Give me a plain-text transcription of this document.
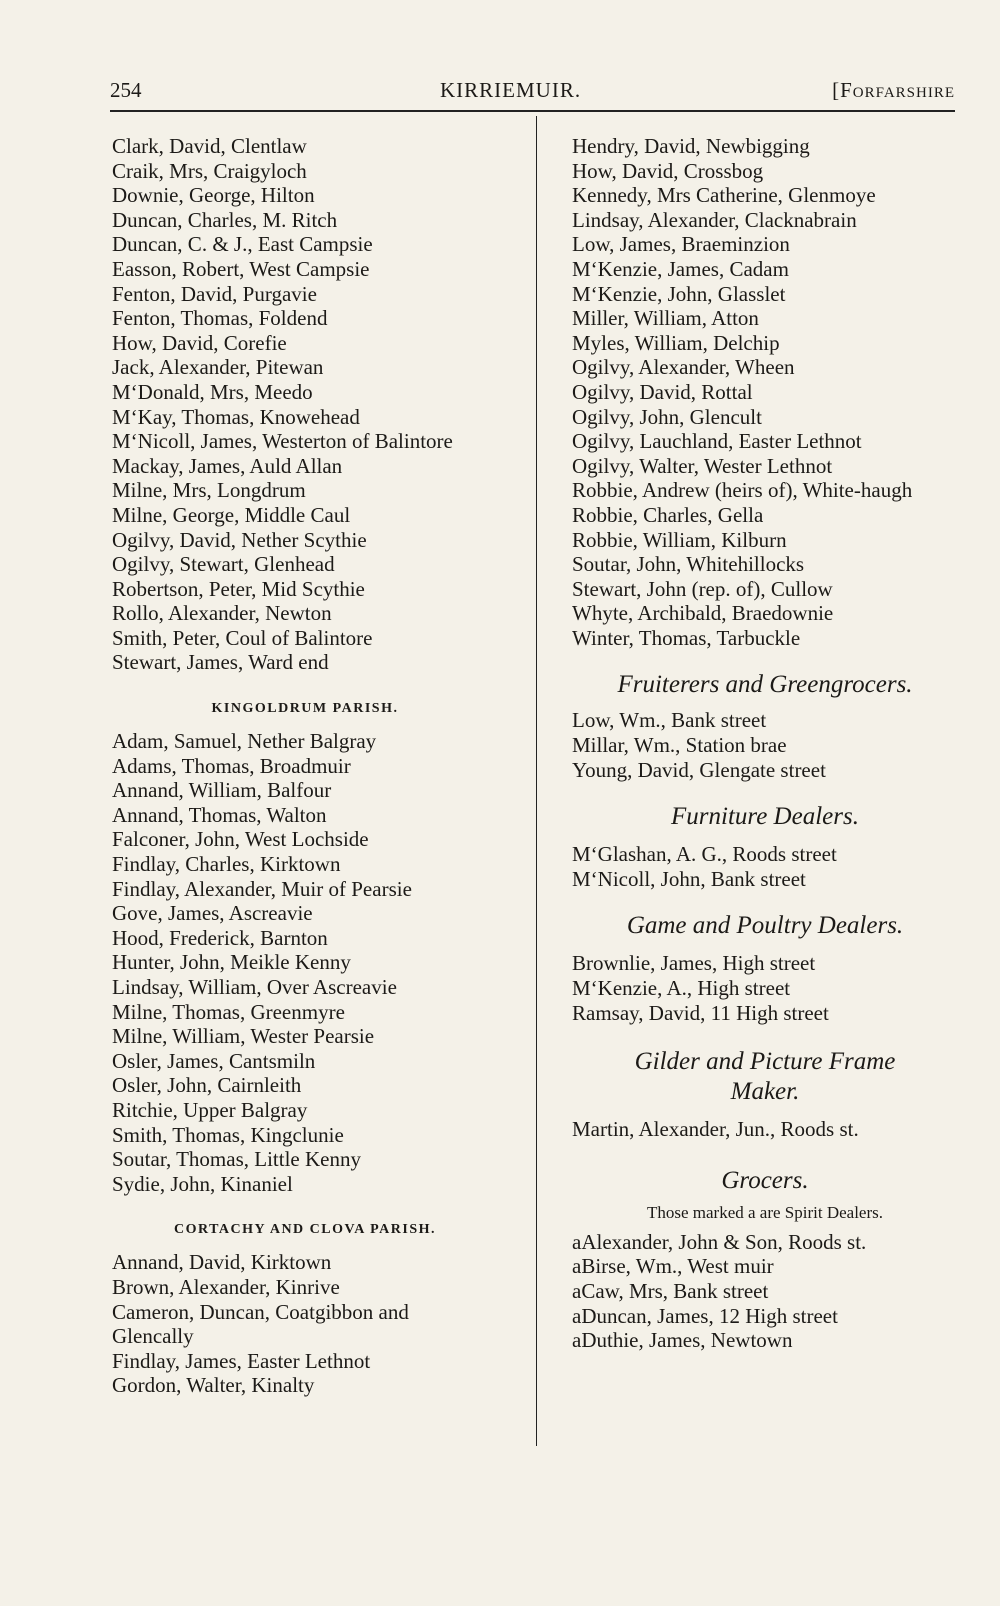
254	KIRRIEMUIR.	[Forfarshire

Clark, David, Clentlaw

Craik, Mrs, Craigyloch

Downie, George, Hilton

Duncan, Charles, M. Ritch

Duncan, C. & J., East Campsie

Easson, Robert, West Campsie

Fenton, David, Purgavie

Fenton, Thomas, Foldend

How, David, Corefie

Jack, Alexander, Pitewan

M‘Donald, Mrs, Meedo

M‘Kay, Thomas, Knowehead

M‘Nicoll, James, Westerton of Balintore

Mackay, James, Auld Allan

Milne, Mrs, Longdrum

Milne, George, Middle Caul

Ogilvy, David, Nether Scythie

Ogilvy, Stewart, Glenhead

Robertson, Peter, Mid Scythie

Rollo, Alexander, Newton

Smith, Peter, Coul of Balintore

Stewart, James, Ward end

KINGOLDRUM PARISH.

Adam, Samuel, Nether Balgray

Adams, Thomas, Broadmuir

Annand, William, Balfour

Annand, Thomas, Walton

Falconer, John, West Lochside

Findlay, Charles, Kirktown

Findlay, Alexander, Muir of Pearsie

Gove, James, Ascreavie

Hood, Frederick, Barnton

Hunter, John, Meikle Kenny

Lindsay, William, Over Ascreavie

Milne, Thomas, Greenmyre

Milne, William, Wester Pearsie

Osler, James, Cantsmiln

Osler, John, Cairnleith

Ritchie, Upper Balgray

Smith, Thomas, Kingclunie

Soutar, Thomas, Little Kenny

Sydie, John, Kinaniel

CORTACHY AND CLOVA PARISH.

Annand, David, Kirktown

Brown, Alexander, Kinrive

Cameron, Duncan, Coatgibbon and Glencally

Findlay, James, Easter Lethnot

Gordon, Walter, Kinalty

Hendry, David, Newbigging

How, David, Crossbog

Kennedy, Mrs Catherine, Glenmoye

Lindsay, Alexander, Clacknabrain

Low, James, Braeminzion

M‘Kenzie, James, Cadam

M‘Kenzie, John, Glasslet

Miller, William, Atton

Myles, William, Delchip

Ogilvy, Alexander, Wheen

Ogilvy, David, Rottal

Ogilvy, John, Glencult

Ogilvy, Lauchland, Easter Lethnot

Ogilvy, Walter, Wester Lethnot

Robbie, Andrew (heirs of), White-haugh

Robbie, Charles, Gella

Robbie, William, Kilburn

Soutar, John, Whitehillocks

Stewart, John (rep. of), Cullow

Whyte, Archibald, Braedownie

Winter, Thomas, Tarbuckle

Fruiterers and Greengrocers.

Low, Wm., Bank street

Millar, Wm., Station brae

Young, David, Glengate street

Furniture Dealers.

M‘Glashan, A. G., Roods street

M‘Nicoll, John, Bank street

Game and Poultry Dealers.

Brownlie, James, High street

M‘Kenzie, A., High street

Ramsay, David, 11 High street

Gilder and Picture Frame

Maker.

Martin, Alexander, Jun., Roods st.

Grocers.

Those marked a are Spirit Dealers.

aAlexander, John & Son, Roods st.

aBirse, Wm., West muir

aCaw, Mrs, Bank street

aDuncan, James, 12 High street

aDuthie, James, Newtown
